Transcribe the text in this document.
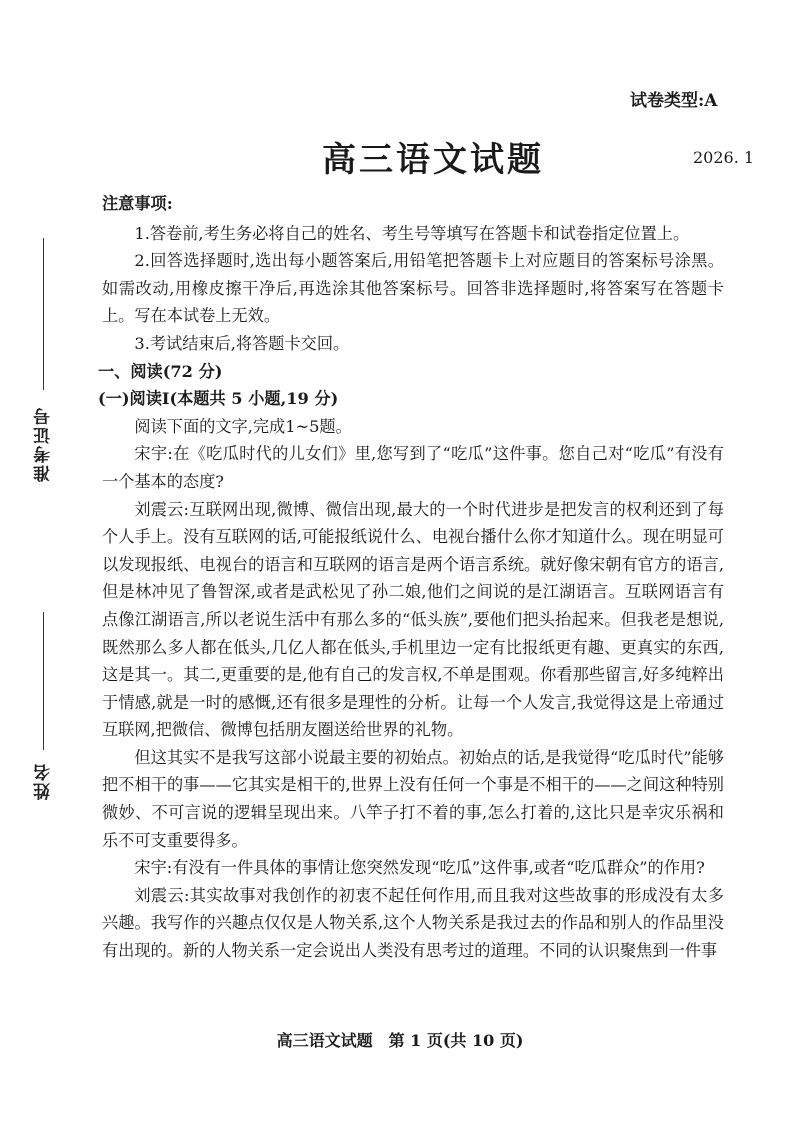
试卷类型:A
高三语文试题	2026. 1
准考证号
姓名

注意事项:

1.答卷前,考生务必将自己的姓名、考生号等填写在答题卡和试卷指定位置上。

2.回答选择题时,选出每小题答案后,用铅笔把答题卡上对应题目的答案标号涂黑。如需改动,用橡皮擦干净后,再选涂其他答案标号。回答非选择题时,将答案写在答题卡上。写在本试卷上无效。

3.考试结束后,将答题卡交回。

一、阅读(72 分)

(一)阅读Ⅰ(本题共 5 小题,19 分)

阅读下面的文字,完成1~5题。

宋宇:在《吃瓜时代的儿女们》里,您写到了“吃瓜”这件事。您自己对“吃瓜”有没有一个基本的态度?

刘震云:互联网出现,微博、微信出现,最大的一个时代进步是把发言的权利还到了每个人手上。没有互联网的话,可能报纸说什么、电视台播什么你才知道什么。现在明显可以发现报纸、电视台的语言和互联网的语言是两个语言系统。就好像宋朝有官方的语言,但是林冲见了鲁智深,或者是武松见了孙二娘,他们之间说的是江湖语言。互联网语言有点像江湖语言,所以老说生活中有那么多的“低头族”,要他们把头抬起来。但我老是想说,既然那么多人都在低头,几亿人都在低头,手机里边一定有比报纸更有趣、更真实的东西,这是其一。其二,更重要的是,他有自己的发言权,不单是围观。你看那些留言,好多纯粹出于情感,就是一时的感慨,还有很多是理性的分析。让每一个人发言,我觉得这是上帝通过互联网,把微信、微博包括朋友圈送给世界的礼物。

但这其实不是我写这部小说最主要的初始点。初始点的话,是我觉得“吃瓜时代”能够把不相干的事——它其实是相干的,世界上没有任何一个事是不相干的——之间这种特别微妙、不可言说的逻辑呈现出来。八竿子打不着的事,怎么打着的,这比只是幸灾乐祸和乐不可支重要得多。

宋宇:有没有一件具体的事情让您突然发现“吃瓜”这件事,或者“吃瓜群众”的作用?

刘震云:其实故事对我创作的初衷不起任何作用,而且我对这些故事的形成没有太多兴趣。我写作的兴趣点仅仅是人物关系,这个人物关系是我过去的作品和别人的作品里没有出现的。新的人物关系一定会说出人类没有思考过的道理。不同的认识聚焦到一件事

高三语文试题　第 1 页(共 10 页)
